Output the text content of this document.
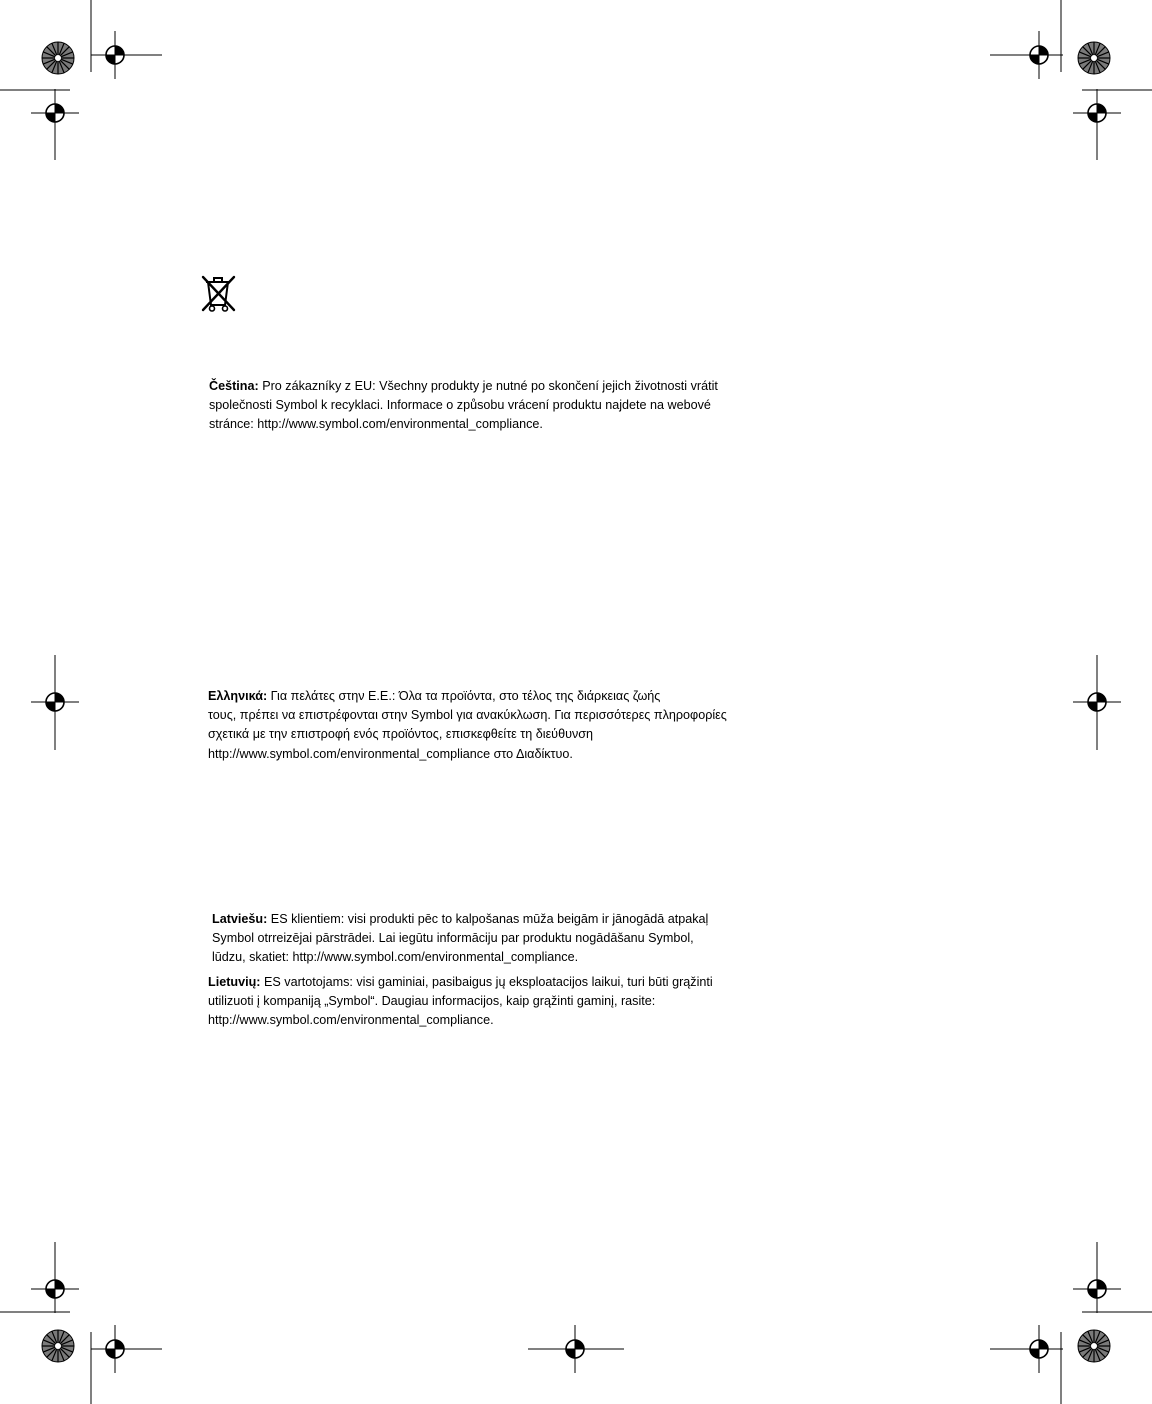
Čeština: Pro zákazníky z EU: Všechny produkty je nutné po skončení jejich životnosti vrátit
společnosti Symbol k recyklaci. Informace o způsobu vrácení produktu najdete na webové
stránce: http://www.symbol.com/environmental_compliance.
Ελληνικά: Για πελάτες στην Ε.Ε.: Όλα τα προϊόντα, στο τέλος της διάρκειας ζωής
τους, πρέπει να επιστρέφονται στην Symbol για ανακύκλωση. Για περισσότερες πληροφορίες
σχετικά με την επιστροφή ενός προϊόντος, επισκεφθείτε τη διεύθυνση
http://www.symbol.com/environmental_compliance στο Διαδίκτυο.
Latviešu: ES klientiem: visi produkti pēc to kalpošanas mūža beigām ir jānogādā atpakaļ
Symbol otrreizējai pārstrādei. Lai iegūtu informāciju par produktu nogādāšanu Symbol,
lūdzu, skatiet: http://www.symbol.com/environmental_compliance.
Lietuvių: ES vartotojams: visi gaminiai, pasibaigus jų eksploatacijos laikui, turi būti grąžinti
utilizuoti į kompaniją „Symbol“. Daugiau informacijos, kaip grąžinti gaminį, rasite:
http://www.symbol.com/environmental_compliance.
